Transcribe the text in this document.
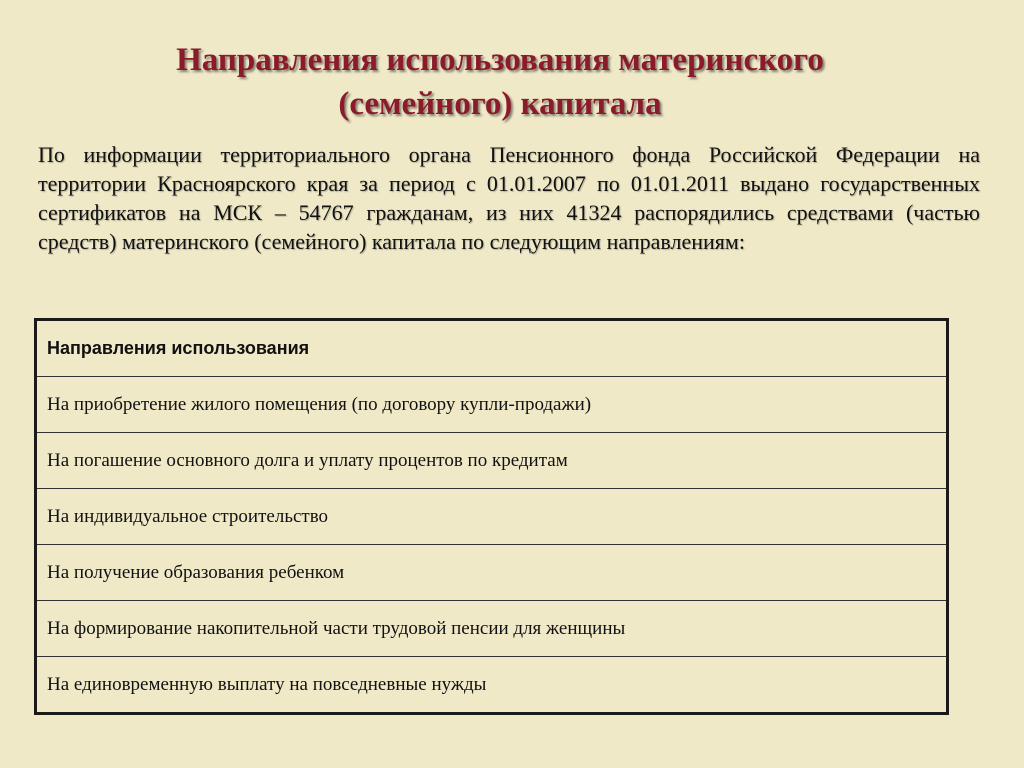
Направления использования материнского
(семейного) капитала

По информации территориального органа Пенсионного фонда Российской Федерации на территории Красноярского края за период с 01.01.2007 по 01.01.2011 выдано государственных сертификатов на МСК – 54767 гражданам, из них 41324 распорядились средствами (частью средств) материнского (семейного) капитала по следующим направлениям:

Направления использования
На приобретение жилого помещения (по договору купли-продажи)
На погашение основного долга и уплату процентов по кредитам
На индивидуальное строительство
На получение образования ребенком
На формирование накопительной части трудовой пенсии для женщины
На единовременную выплату на повседневные нужды
